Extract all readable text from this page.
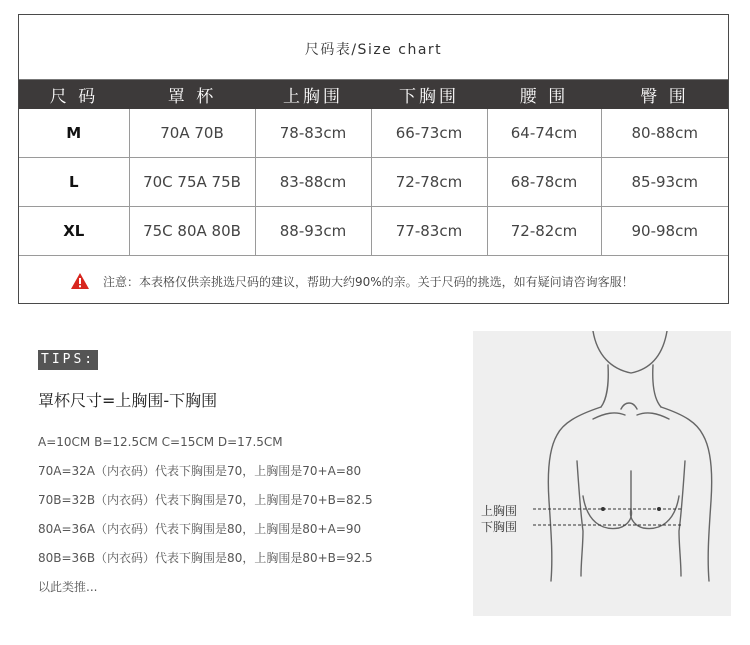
尺码表/Size chart
尺 码	罩 杯	上胸围	下胸围	腰 围	臀 围
M	70A 70B	78-83cm	66-73cm	64-74cm	80-88cm
L	70C 75A 75B	83-88cm	72-78cm	68-78cm	85-93cm
XL	75C 80A 80B	88-93cm	77-83cm	72-82cm	90-98cm
注意：本表格仅供亲挑选尺码的建议，帮助大约90%的亲。关于尺码的挑选，如有疑问请咨询客服！
TIPS:
罩杯尺寸=上胸围-下胸围
A=10CM B=12.5CM C=15CM D=17.5CM
70A=32A（内衣码）代表下胸围是70，上胸围是70+A=80
70B=32B（内衣码）代表下胸围是70，上胸围是70+B=82.5
80A=36A（内衣码）代表下胸围是80，上胸围是80+A=90
80B=36B（内衣码）代表下胸围是80，上胸围是80+B=92.5
以此类推...
上胸围
下胸围
